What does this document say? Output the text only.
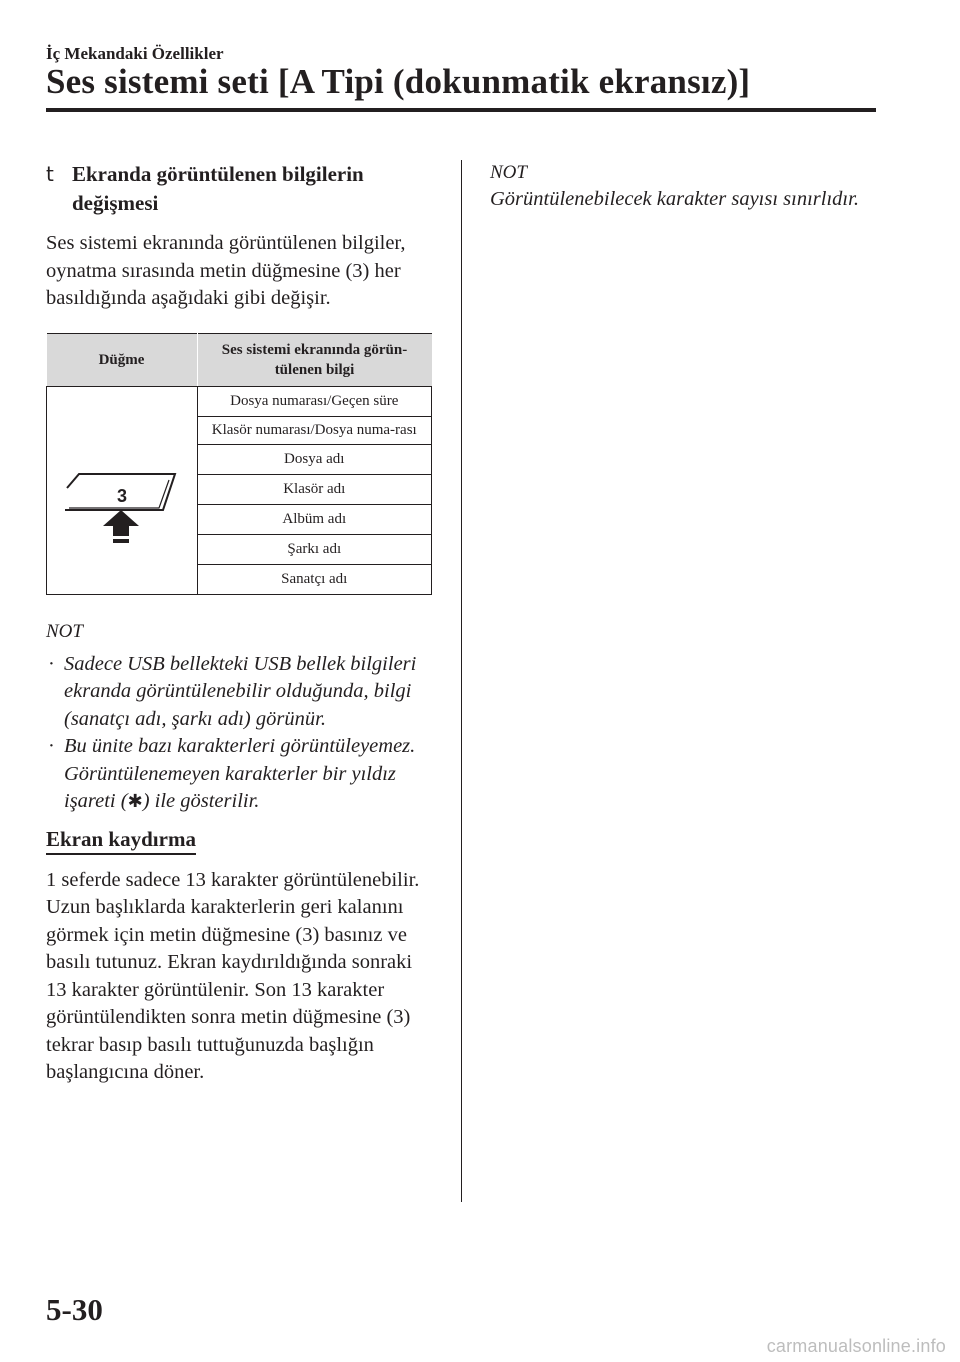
İç Mekandaki Özellikler
Ses sistemi seti [A Tipi (dokunmatik ekransız)]
t Ekranda görüntülenen bilgilerin değişmesi

Ses sistemi ekranında görüntülenen bilgiler, oynatma sırasında metin düğmesine (3) her basıldığında aşağıdaki gibi değişir.

Düğme	Ses sistemi ekranında görün-tülenen bilgi

3	Dosya numarası/Geçen süre
	Klasör numarası/Dosya numa-rası
	Dosya adı
	Klasör adı
	Albüm adı
	Şarkı adı
	Sanatçı adı
NOT
· Sadece USB bellekteki USB bellek bilgileri ekranda görüntülenebilir olduğunda, bilgi (sanatçı adı, şarkı adı) görünür.
· Bu ünite bazı karakterleri görüntüleyemez. Görüntülenemeyen karakterler bir yıldız işareti (✱) ile gösterilir.
Ekran kaydırma

1 seferde sadece 13 karakter görüntülenebilir. Uzun başlıklarda karakterlerin geri kalanını görmek için metin düğmesine (3) basınız ve basılı tutunuz. Ekran kaydırıldığında sonraki 13 karakter görüntülenir. Son 13 karakter görüntülendikten sonra metin düğmesine (3) tekrar basıp basılı tuttuğunuzda başlığın başlangıcına döner.

NOT
Görüntülenebilecek karakter sayısı sınırlıdır.
5-30
carmanualsonline.info
